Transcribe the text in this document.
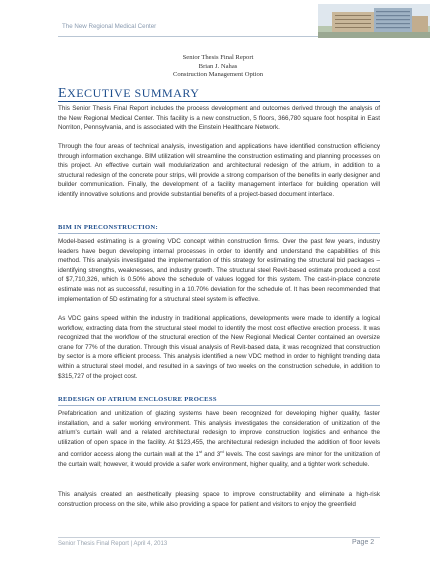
The New Regional Medical Center
Senior Thesis Final Report
Brian J. Nahas
Construction Management Option
EXECUTIVE SUMMARY
This Senior Thesis Final Report includes the process development and outcomes derived through the analysis of the New Regional Medical Center. This facility is a new construction, 5 floors, 366,780 square foot hospital in East Norriton, Pennsylvania, and is associated with the Einstein Healthcare Network.
Through the four areas of technical analysis, investigation and applications have identified construction efficiency through information exchange. BIM utilization will streamline the construction estimating and planning processes on this project. An effective curtain wall modularization and architectural redesign of the atrium, in addition to a structural redesign of the concrete pour strips, will provide a strong comparison of the benefits in early designer and builder communication. Finally, the development of a facility management interface for building operation will identify innovative solutions and provide substantial benefits of a project-based document interface.
BIM IN PRECONSTRUCTION:
Model-based estimating is a growing VDC concept within construction firms. Over the past few years, industry leaders have begun developing internal processes in order to identify and understand the capabilities of this method. This analysis investigated the implementation of this strategy for estimating the structural bid packages – identifying strengths, weaknesses, and industry growth. The structural steel Revit-based estimate produced a cost of $7,710,326, which is 0.50% above the schedule of values logged for this system. The cast-in-place concrete estimate was not as successful, resulting in a 10.70% deviation for the schedule of. It has been recommended that implementation of 5D estimating for a structural steel system is effective.
As VDC gains speed within the industry in traditional applications, developments were made to identify a logical workflow, extracting data from the structural steel model to identify the most cost effective erection process. It was recognized that the workflow of the structural erection of the New Regional Medical Center contained an oversize crane for 77% of the duration. Through this visual analysis of Revit-based data, it was recognized that construction by sector is a more efficient process. This analysis identified a new VDC method in order to highlight trending data within a structural steel model, and resulted in a savings of two weeks on the construction schedule, in addition to $315,727 of the project cost.
REDESIGN OF ATRIUM ENCLOSURE PROCESS
Prefabrication and unitization of glazing systems have been recognized for developing higher quality, faster installation, and a safer working environment. This analysis investigates the consideration of unitization of the atrium's curtain wall and a related architectural redesign to improve construction logistics and enhance the utilization of open space in the facility. At $123,455, the architectural redesign included the addition of floor levels and corridor access along the curtain wall at the 1st and 3rd levels. The cost savings are minor for the unitization of the curtain wall; however, it would provide a safer work environment, higher quality, and a tighter work schedule.
This analysis created an aesthetically pleasing space to improve constructability and eliminate a high-risk construction process on the site, while also providing a space for patient and visitors to enjoy the greenfield
Senior Thesis Final Report | April 4, 2013	Page 2
